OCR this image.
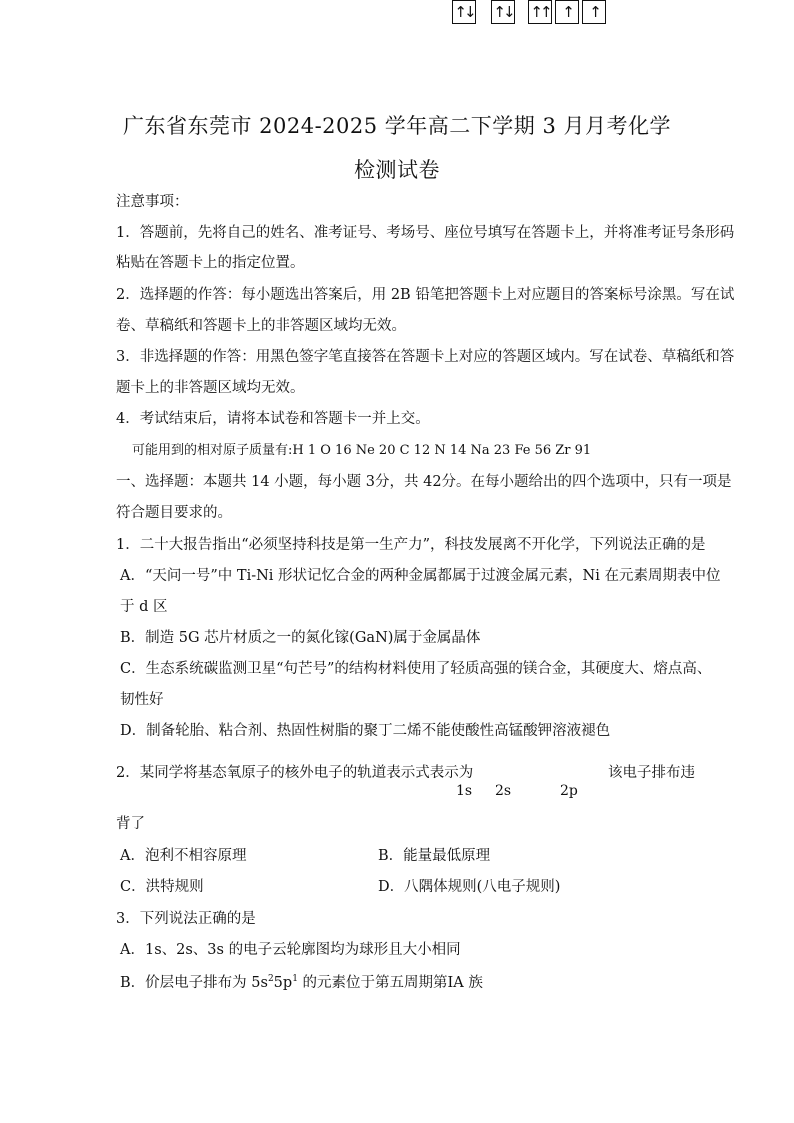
广东省东莞市 2024-2025 学年高二下学期 3 月月考化学
检测试卷
注意事项：
1．答题前，先将自己的姓名、准考证号、考场号、座位号填写在答题卡上，并将准考证号条形码
粘贴在答题卡上的指定位置。
2．选择题的作答：每小题选出答案后，用 2B 铅笔把答题卡上对应题目的答案标号涂黑。写在试
卷、草稿纸和答题卡上的非答题区域均无效。
3．非选择题的作答：用黑色签字笔直接答在答题卡上对应的答题区域内。写在试卷、草稿纸和答
题卡上的非答题区域均无效。
4．考试结束后，请将本试卷和答题卡一并上交。
可能用到的相对原子质量有:H 1 O 16 Ne 20 C 12 N 14 Na 23 Fe 56 Zr 91
一、选择题：本题共 14 小题，每小题 3分，共 42分。在每小题给出的四个选项中，只有一项是
符合题目要求的。
1．二十大报告指出“必须坚持科技是第一生产力”，科技发展离不开化学，下列说法正确的是
A．“天问一号”中 Ti-Ni 形状记忆合金的两种金属都属于过渡金属元素，Ni 在元素周期表中位
于 d 区
B．制造 5G 芯片材质之一的氮化镓(GaN)属于金属晶体
C．生态系统碳监测卫星“句芒号”的结构材料使用了轻质高强的镁合金，其硬度大、熔点高、
韧性好
D．制备轮胎、粘合剂、热固性树脂的聚丁二烯不能使酸性高锰酸钾溶液褪色
2．某同学将基态氧原子的核外电子的轨道表示式表示为
↑↓ ↑↓ ↑↑ ↑	↑
1s 2s	2p
该电子排布违
背了
A．泡利不相容原理	B．能量最低原理
C．洪特规则	D．八隅体规则(八电子规则)
3．下列说法正确的是
A．1s、2s、3s 的电子云轮廓图均为球形且大小相同
B．价层电子排布为 $5s^25p^1$ 的元素位于第五周期第ⅠA 族
